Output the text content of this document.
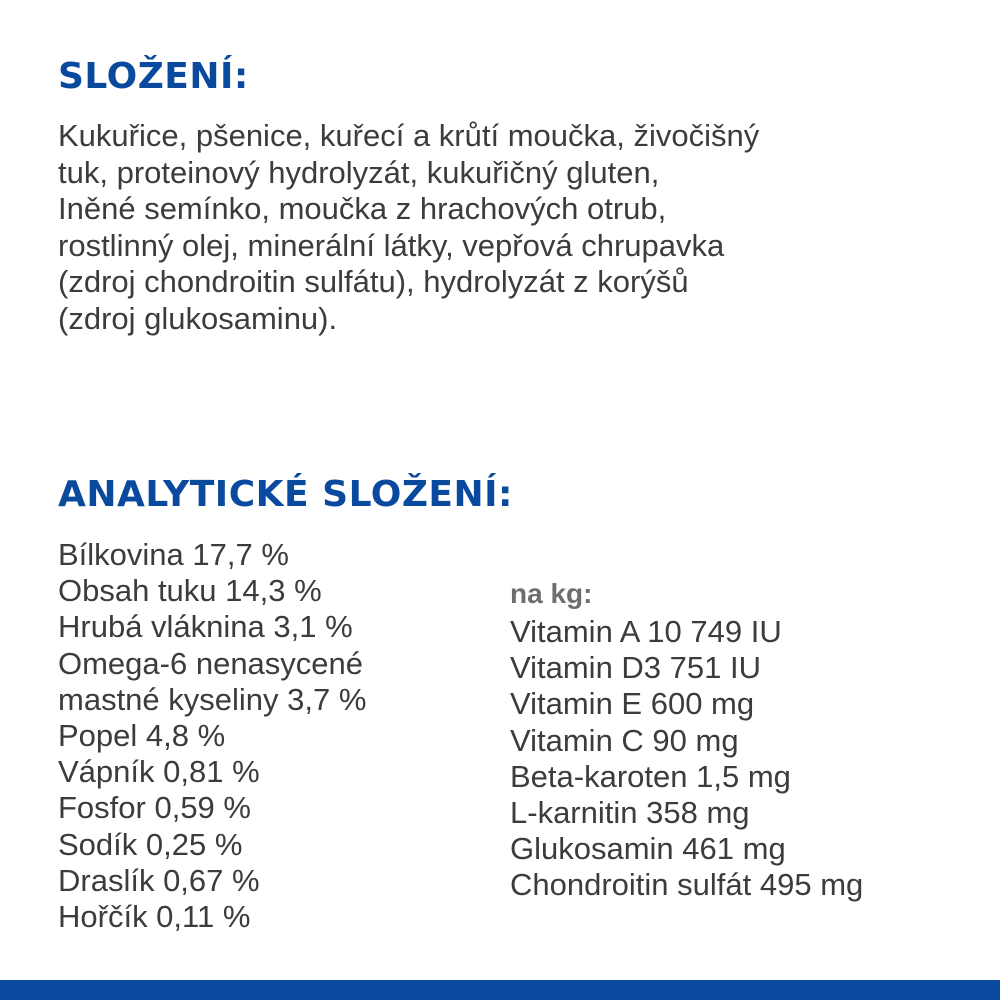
SLOŽENÍ:

Kukuřice, pšenice, kuřecí a krůtí moučka, živočišný
tuk, proteinový hydrolyzát, kukuřičný gluten,
Iněné semínko, moučka z hrachových otrub,
rostlinný olej, minerální látky, vepřová chrupavka
(zdroj chondroitin sulfátu), hydrolyzát z korýšů
(zdroj glukosaminu).

ANALYTICKÉ SLOŽENÍ:
Bílkovina 17,7 %
Obsah tuku 14,3 %
Hrubá vláknina 3,1 %
Omega-6 nenasycené
mastné kyseliny 3,7 %
Popel 4,8 %
Vápník 0,81 %
Fosfor 0,59 %
Sodík 0,25 %
Draslík 0,67 %
Hořčík 0,11 %

na kg:

Vitamin A 10 749 IU
Vitamin D3 751 IU
Vitamin E 600 mg
Vitamin C 90 mg
Beta-karoten 1,5 mg
L-karnitin 358 mg
Glukosamin 461 mg
Chondroitin sulfát 495 mg
